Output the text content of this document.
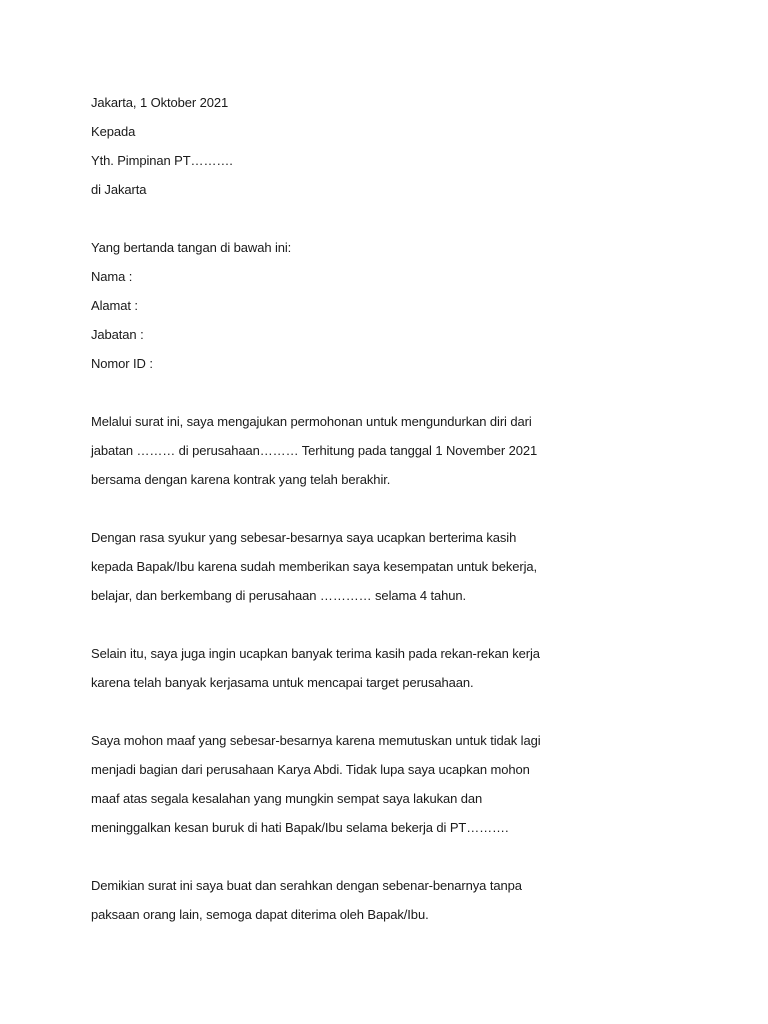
Jakarta, 1 Oktober 2021
Kepada
Yth. Pimpinan PT……….
di Jakarta
Yang bertanda tangan di bawah ini:
Nama :
Alamat :
Jabatan :
Nomor ID :
Melalui surat ini, saya mengajukan permohonan untuk mengundurkan diri dari
jabatan ……… di perusahaan……… Terhitung pada tanggal 1 November 2021
bersama dengan karena kontrak yang telah berakhir.
Dengan rasa syukur yang sebesar-besarnya saya ucapkan berterima kasih
kepada Bapak/Ibu karena sudah memberikan saya kesempatan untuk bekerja,
belajar, dan berkembang di perusahaan ………… selama 4 tahun.
Selain itu, saya juga ingin ucapkan banyak terima kasih pada rekan-rekan kerja
karena telah banyak kerjasama untuk mencapai target perusahaan.
Saya mohon maaf yang sebesar-besarnya karena memutuskan untuk tidak lagi
menjadi bagian dari perusahaan Karya Abdi. Tidak lupa saya ucapkan mohon
maaf atas segala kesalahan yang mungkin sempat saya lakukan dan
meninggalkan kesan buruk di hati Bapak/Ibu selama bekerja di PT……….
Demikian surat ini saya buat dan serahkan dengan sebenar-benarnya tanpa
paksaan orang lain, semoga dapat diterima oleh Bapak/Ibu.
